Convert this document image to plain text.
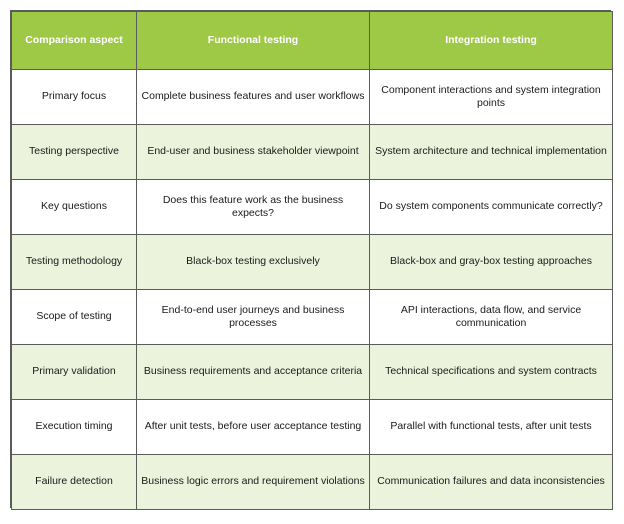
Comparison aspect	Functional testing	Integration testing
Primary focus	Complete business features and user workflows	Component interactions and system integration points
Testing perspective	End-user and business stakeholder viewpoint	System architecture and technical implementation
Key questions	Does this feature work as the business expects?	Do system components communicate correctly?
Testing methodology	Black-box testing exclusively	Black-box and gray-box testing approaches
Scope of testing	End-to-end user journeys and business processes	API interactions, data flow, and service communication
Primary validation	Business requirements and acceptance criteria	Technical specifications and system contracts
Execution timing	After unit tests, before user acceptance testing	Parallel with functional tests, after unit tests
Failure detection	Business logic errors and requirement violations	Communication failures and data inconsistencies
